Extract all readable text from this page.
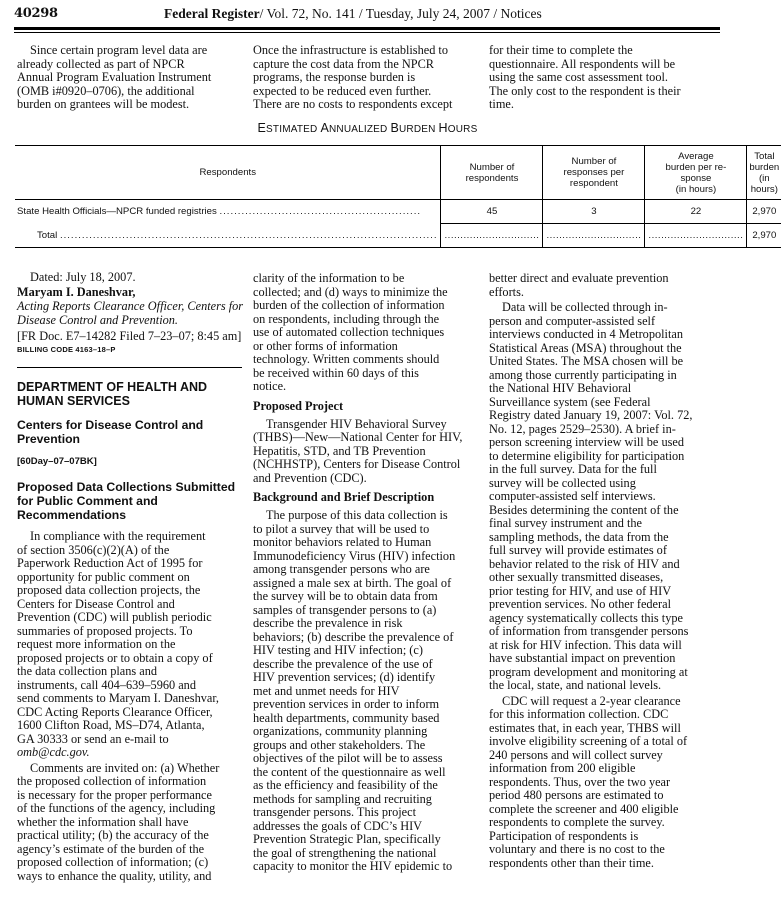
40298	Federal Register/ Vol. 72, No. 141 / Tuesday, July 24, 2007 / Notices
Since certain program level data are
already collected as part of NPCR
Annual Program Evaluation Instrument
(OMB i#0920–0706), the additional
burden on grantees will be modest.
Once the infrastructure is established to
capture the cost data from the NPCR
programs, the response burden is
expected to be reduced even further.
There are no costs to respondents except
for their time to complete the
questionnaire. All respondents will be
using the same cost assessment tool.
The only cost to the respondent is their
time.
ESTIMATED ANNUALIZED BURDEN HOURS
Respondents	Number of
respondents	Number of
responses per
respondent	Average
burden per re-
sponse
(in hours)	Total burden
(in hours)
State Health Officials—NPCR funded registries .......................................................	45	3	22	2,970
Total .......................................................................................................	..............................	..............................	..............................	2,970
Dated: July 18, 2007.
Maryam I. Daneshvar,
Acting Reports Clearance Officer, Centers for
Disease Control and Prevention.
[FR Doc. E7–14282 Filed 7–23–07; 8:45 am]
BILLING CODE 4163–18–P
DEPARTMENT OF HEALTH AND
HUMAN SERVICES
Centers for Disease Control and
Prevention
[60Day–07–07BK]
Proposed Data Collections Submitted
for Public Comment and
Recommendations
In compliance with the requirement
of section 3506(c)(2)(A) of the
Paperwork Reduction Act of 1995 for
opportunity for public comment on
proposed data collection projects, the
Centers for Disease Control and
Prevention (CDC) will publish periodic
summaries of proposed projects. To
request more information on the
proposed projects or to obtain a copy of
the data collection plans and
instruments, call 404–639–5960 and
send comments to Maryam I. Daneshvar,
CDC Acting Reports Clearance Officer,
1600 Clifton Road, MS–D74, Atlanta,
GA 30333 or send an e-mail to
omb@cdc.gov.
Comments are invited on: (a) Whether
the proposed collection of information
is necessary for the proper performance
of the functions of the agency, including
whether the information shall have
practical utility; (b) the accuracy of the
agency’s estimate of the burden of the
proposed collection of information; (c)
ways to enhance the quality, utility, and
clarity of the information to be
collected; and (d) ways to minimize the
burden of the collection of information
on respondents, including through the
use of automated collection techniques
or other forms of information
technology. Written comments should
be received within 60 days of this
notice.
Proposed Project
Transgender HIV Behavioral Survey
(THBS)—New—National Center for HIV,
Hepatitis, STD, and TB Prevention
(NCHHSTP), Centers for Disease Control
and Prevention (CDC).
Background and Brief Description
The purpose of this data collection is
to pilot a survey that will be used to
monitor behaviors related to Human
Immunodeficiency Virus (HIV) infection
among transgender persons who are
assigned a male sex at birth. The goal of
the survey will be to obtain data from
samples of transgender persons to (a)
describe the prevalence in risk
behaviors; (b) describe the prevalence of
HIV testing and HIV infection; (c)
describe the prevalence of the use of
HIV prevention services; (d) identify
met and unmet needs for HIV
prevention services in order to inform
health departments, community based
organizations, community planning
groups and other stakeholders. The
objectives of the pilot will be to assess
the content of the questionnaire as well
as the efficiency and feasibility of the
methods for sampling and recruiting
transgender persons. This project
addresses the goals of CDC’s HIV
Prevention Strategic Plan, specifically
the goal of strengthening the national
capacity to monitor the HIV epidemic to
better direct and evaluate prevention
efforts.
Data will be collected through in-
person and computer-assisted self
interviews conducted in 4 Metropolitan
Statistical Areas (MSA) throughout the
United States. The MSA chosen will be
among those currently participating in
the National HIV Behavioral
Surveillance system (see Federal
Registry dated January 19, 2007: Vol. 72,
No. 12, pages 2529–2530). A brief in-
person screening interview will be used
to determine eligibility for participation
in the full survey. Data for the full
survey will be collected using
computer-assisted self interviews.
Besides determining the content of the
final survey instrument and the
sampling methods, the data from the
full survey will provide estimates of
behavior related to the risk of HIV and
other sexually transmitted diseases,
prior testing for HIV, and use of HIV
prevention services. No other federal
agency systematically collects this type
of information from transgender persons
at risk for HIV infection. This data will
have substantial impact on prevention
program development and monitoring at
the local, state, and national levels.
CDC will request a 2-year clearance
for this information collection. CDC
estimates that, in each year, THBS will
involve eligibility screening of a total of
240 persons and will collect survey
information from 200 eligible
respondents. Thus, over the two year
period 480 persons are estimated to
complete the screener and 400 eligible
respondents to complete the survey.
Participation of respondents is
voluntary and there is no cost to the
respondents other than their time.
